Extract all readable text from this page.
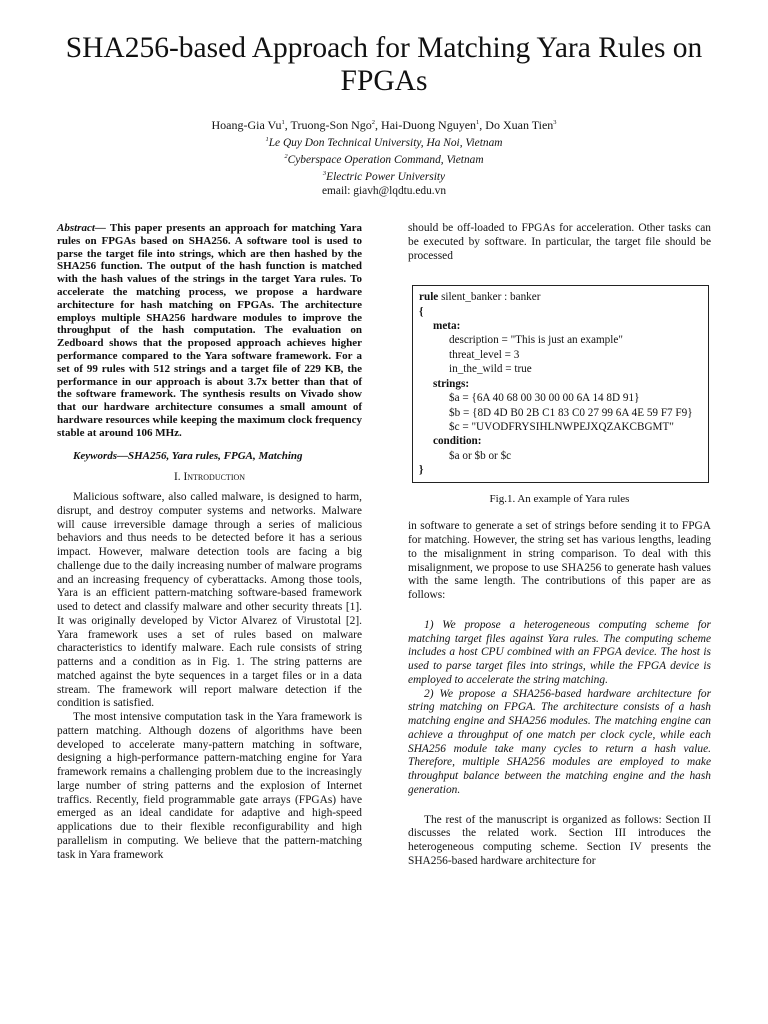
SHA256-based Approach for Matching Yara Rules on FPGAs
Hoang-Gia Vu$^1$, Truong-Son Ngo$^2$, Hai-Duong Nguyen$^1$, Do Xuan Tien$^3$
$^1$Le Quy Don Technical University, Ha Noi, Vietnam
$^2$Cyberspace Operation Command, Vietnam
$^3$Electric Power University
email: giavh@lqdtu.edu.vn

Abstract— This paper presents an approach for matching Yara rules on FPGAs based on SHA256. A software tool is used to parse the target file into strings, which are then hashed by the SHA256 function. The output of the hash function is matched with the hash values of the strings in the target Yara rules. To accelerate the matching process, we propose a hardware architecture for hash matching on FPGAs. The architecture employs multiple SHA256 hardware modules to improve the throughput of the hash computation. The evaluation on Zedboard shows that the proposed approach achieves higher performance compared to the Yara software framework. For a set of 99 rules with 512 strings and a target file of 229 KB, the performance in our approach is about 3.7x better than that of the software framework. The synthesis results on Vivado show that our hardware architecture consumes a small amount of hardware resources while keeping the maximum clock frequency stable at around 106 MHz.

Keywords—SHA256, Yara rules, FPGA, Matching

I. Introduction

Malicious software, also called malware, is designed to harm, disrupt, and destroy computer systems and networks. Malware will cause irreversible damage through a series of malicious behaviors and thus needs to be detected before it has a serious impact. However, malware detection tools are facing a big challenge due to the daily increasing number of malware programs and an increasing frequency of cyberattacks. Among those tools, Yara is an efficient pattern-matching software-based framework used to detect and classify malware and other security threats [1]. It was originally developed by Victor Alvarez of Virustotal [2]. Yara framework uses a set of rules based on malware characteristics to identify malware. Each rule consists of string patterns and a condition as in Fig. 1. The string patterns are matched against the byte sequences in a target files or in a data stream. The framework will report malware detection if the condition is satisfied.

The most intensive computation task in the Yara framework is pattern matching. Although dozens of algorithms have been developed to accelerate many-pattern matching in software, designing a high-performance pattern-matching engine for Yara framework remains a challenging problem due to the increasingly large number of string patterns and the explosion of Internet traffics. Recently, field programmable gate arrays (FPGAs) have emerged as an ideal candidate for adaptive and high-speed applications due to their flexible reconfigurability and high parallelism in computing. We believe that the pattern-matching task in Yara framework

should be off-loaded to FPGAs for acceleration. Other tasks can be executed by software. In particular, the target file should be processed

rule silent_banker : banker
{
meta:
description = "This is just an example"
threat_level = 3
in_the_wild = true
strings:
$a = {6A 40 68 00 30 00 00 6A 14 8D 91}
$b = {8D 4D B0 2B C1 83 C0 27 99 6A 4E 59 F7 F9}
$c = "UVODFRYSIHLNWPEJXQZAKCBGMT"
condition:
$a or $b or $c
}

Fig.1. An example of Yara rules

in software to generate a set of strings before sending it to FPGA for matching. However, the string set has various lengths, leading to the misalignment in string comparison. To deal with this misalignment, we propose to use SHA256 to generate hash values with the same length. The contributions of this paper are as follows:

1) We propose a heterogeneous computing scheme for matching target files against Yara rules. The computing scheme includes a host CPU combined with an FPGA device. The host is used to parse target files into strings, while the FPGA device is employed to accelerate the string matching.

2) We propose a SHA256-based hardware architecture for string matching on FPGA. The architecture consists of a hash matching engine and SHA256 modules. The matching engine can achieve a throughput of one match per clock cycle, while each SHA256 module take many cycles to return a hash value. Therefore, multiple SHA256 modules are employed to make throughput balance between the matching engine and the hash generation.

The rest of the manuscript is organized as follows: Section II discusses the related work. Section III introduces the heterogeneous computing scheme. Section IV presents the SHA256-based hardware architecture for
